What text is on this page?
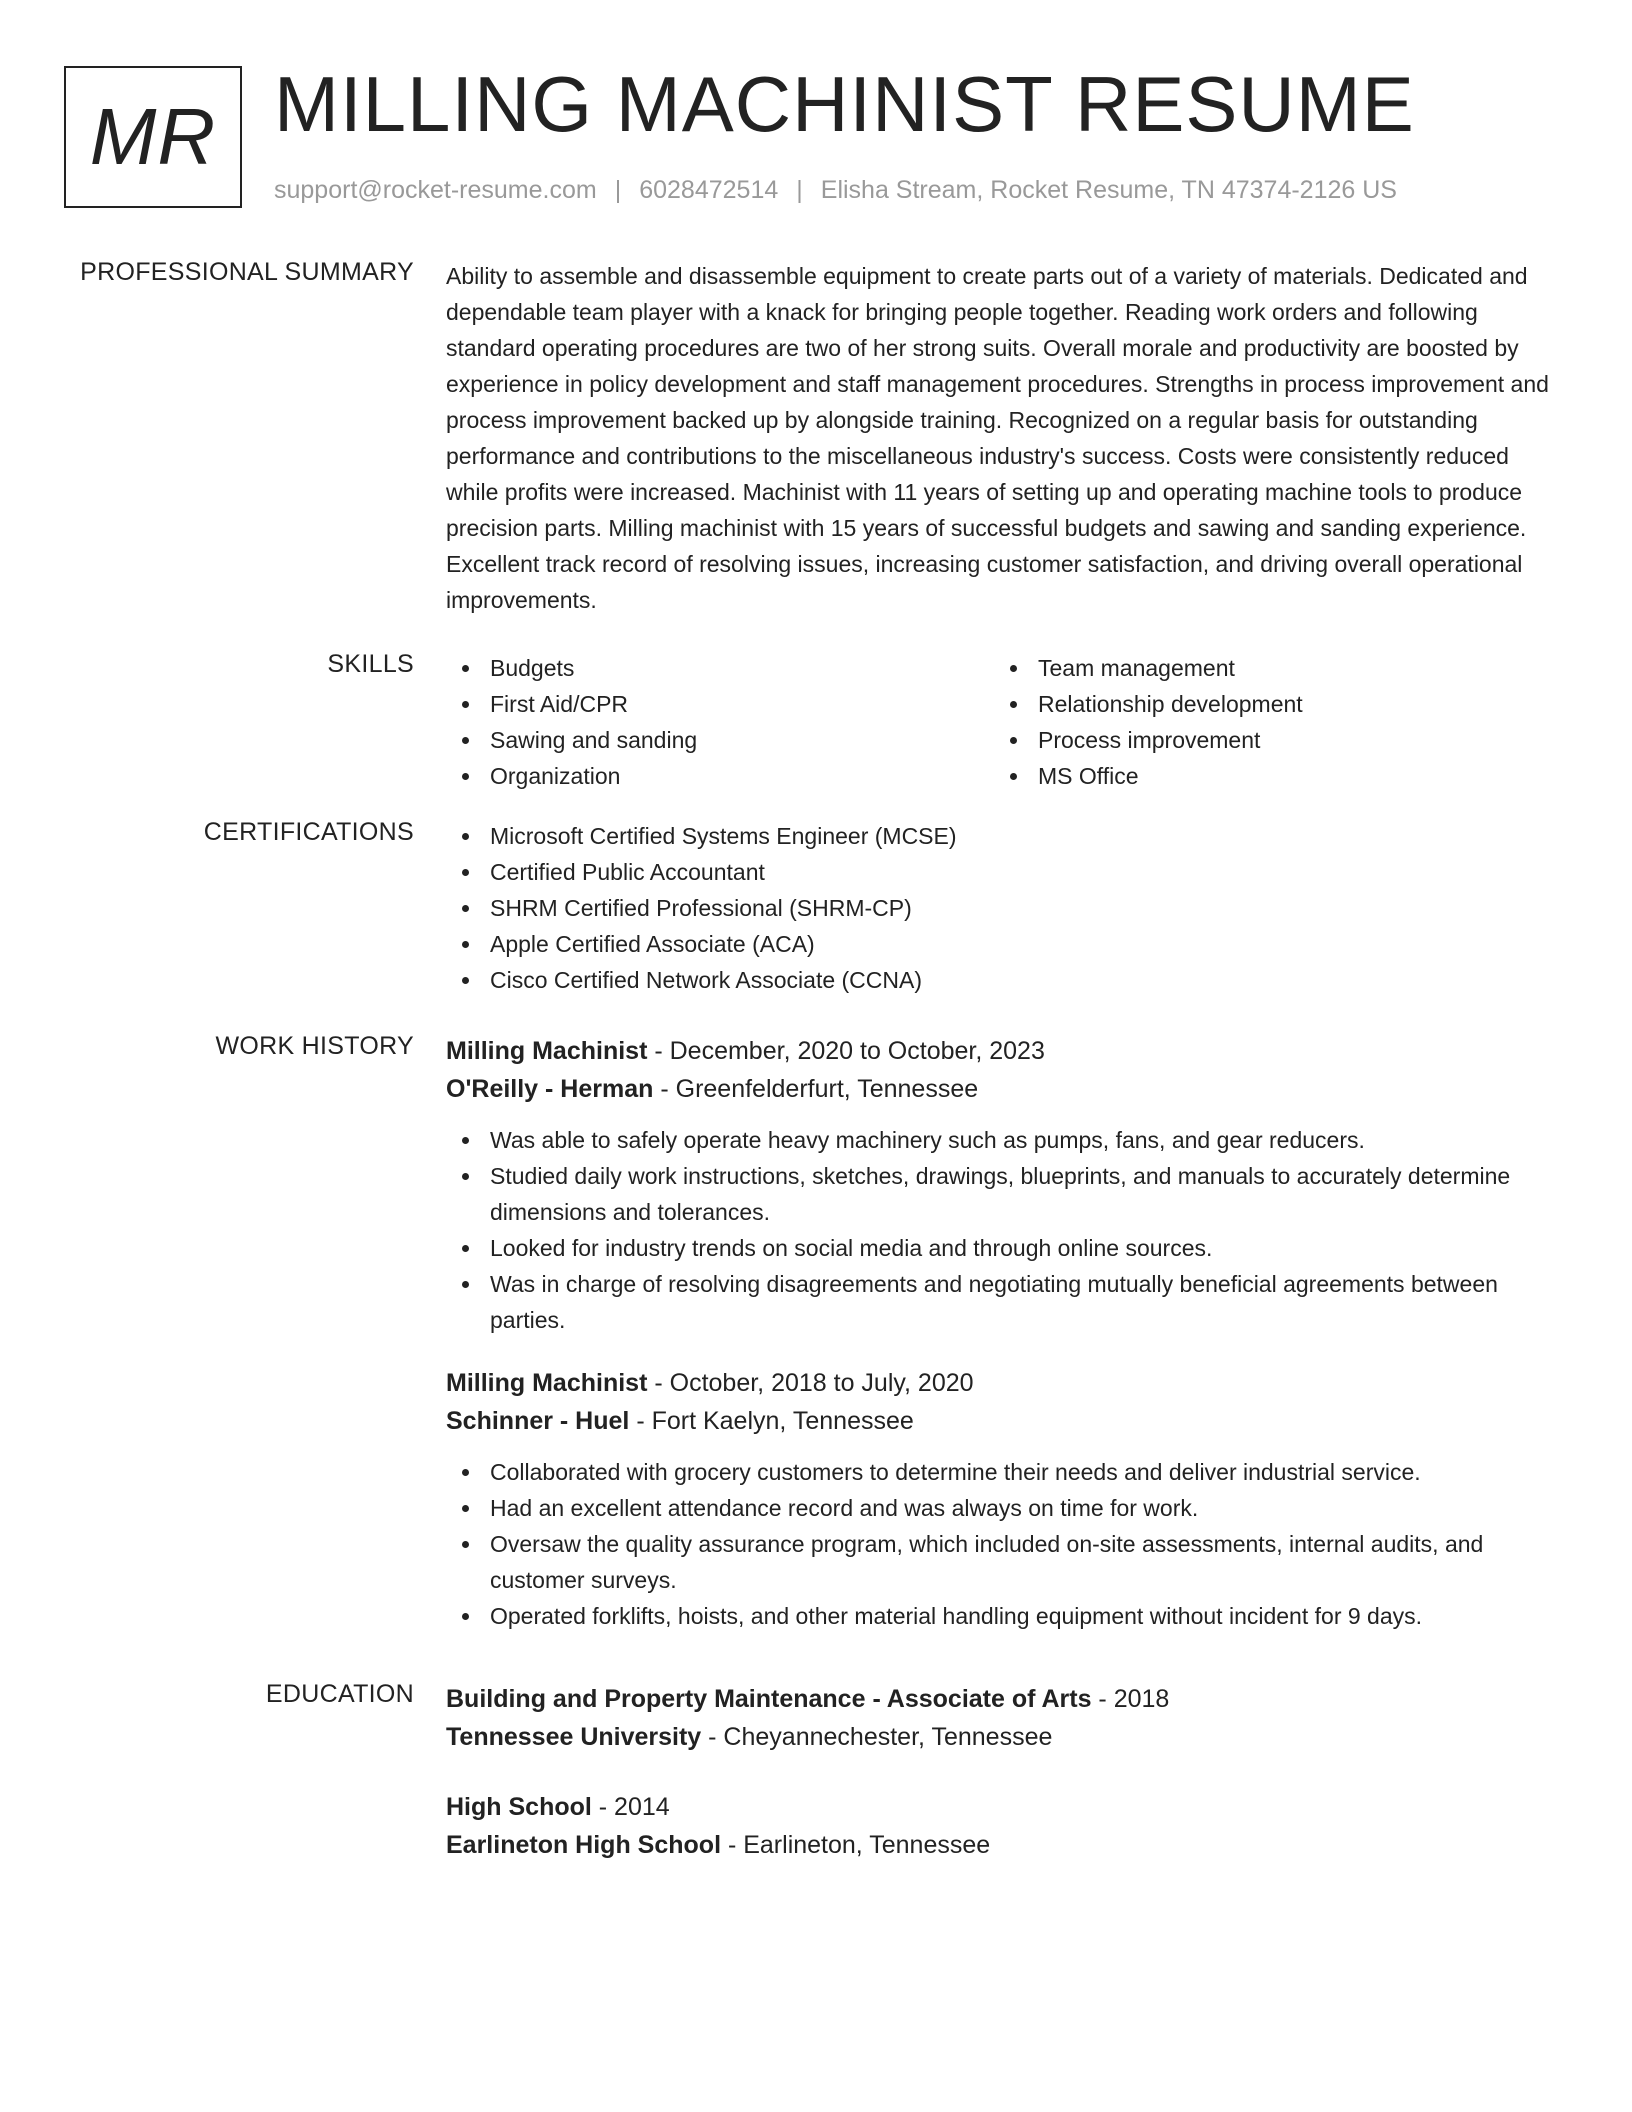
MR MILLING MACHINIST RESUME
support@rocket-resume.com | 6028472514 | Elisha Stream, Rocket Resume, TN 47374-2126 US
PROFESSIONAL SUMMARY Ability to assemble and disassemble equipment to create parts out of a variety of materials. Dedicated and dependable team player with a knack for bringing people together. Reading work orders and following standard operating procedures are two of her strong suits. Overall morale and productivity are boosted by experience in policy development and staff management procedures. Strengths in process improvement and process improvement backed up by alongside training. Recognized on a regular basis for outstanding performance and contributions to the miscellaneous industry's success. Costs were consistently reduced while profits were increased. Machinist with 11 years of setting up and operating machine tools to produce precision parts. Milling machinist with 15 years of successful budgets and sawing and sanding experience. Excellent track record of resolving issues, increasing customer satisfaction, and driving overall operational improvements.

SKILLS	Budgets
First Aid/CPR
Sawing and sanding
Organization
Team management
Relationship development
Process improvement
MS Office
CERTIFICATIONS	Microsoft Certified Systems Engineer (MCSE)
Certified Public Accountant
SHRM Certified Professional (SHRM-CP)
Apple Certified Associate (ACA)
Cisco Certified Network Associate (CCNA)
WORK HISTORY Milling Machinist - December, 2020 to October, 2023
O'Reilly - Herman - Greenfelderfurt, Tennessee
Was able to safely operate heavy machinery such as pumps, fans, and gear reducers.
Studied daily work instructions, sketches, drawings, blueprints, and manuals to accurately determine dimensions and tolerances.
Looked for industry trends on social media and through online sources.
Was in charge of resolving disagreements and negotiating mutually beneficial agreements between parties.
Milling Machinist - October, 2018 to July, 2020
Schinner - Huel - Fort Kaelyn, Tennessee
Collaborated with grocery customers to determine their needs and deliver industrial service.
Had an excellent attendance record and was always on time for work.
Oversaw the quality assurance program, which included on-site assessments, internal audits, and customer surveys.
Operated forklifts, hoists, and other material handling equipment without incident for 9 days.
EDUCATION Building and Property Maintenance - Associate of Arts - 2018
Tennessee University - Cheyannechester, Tennessee
High School - 2014
Earlineton High School - Earlineton, Tennessee
